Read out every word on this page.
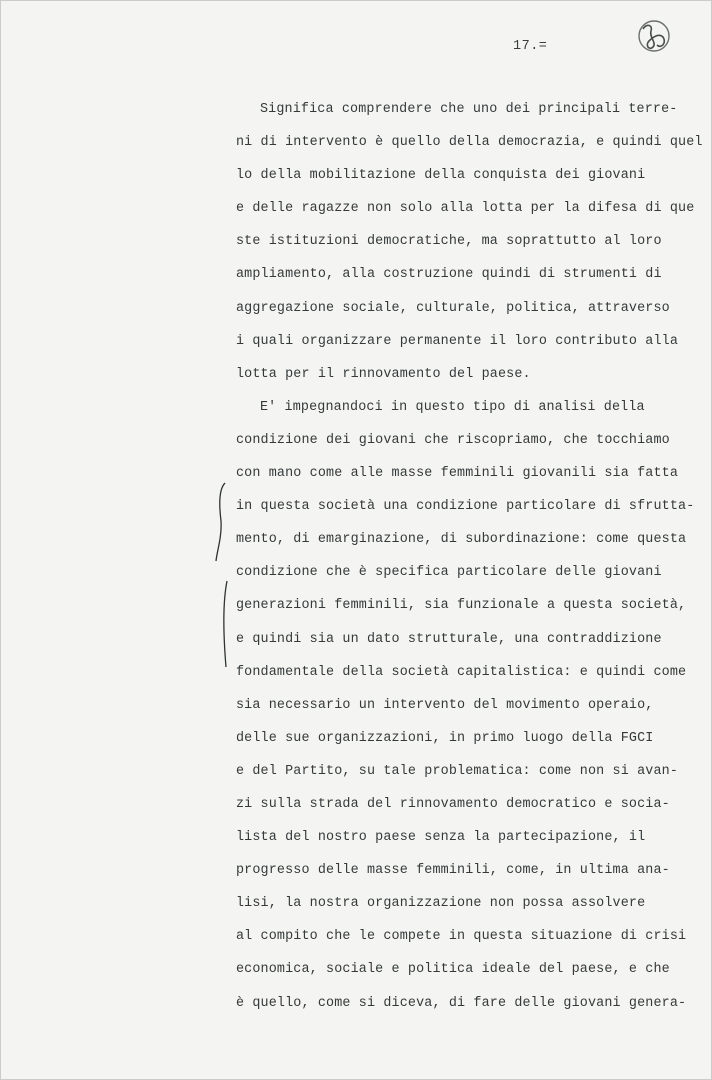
17.=
Significa comprendere che uno dei principali terre-
ni di intervento è quello della democrazia, e quindi quel
lo della mobilitazione della conquista dei giovani
e delle ragazze non solo alla lotta per la difesa di que
ste istituzioni democratiche, ma soprattutto al loro
ampliamento, alla costruzione quindi di strumenti di
aggregazione sociale, culturale, politica, attraverso
i quali organizzare permanente il loro contributo alla
lotta per il rinnovamento del paese.
E' impegnandoci in questo tipo di analisi della
condizione dei giovani che riscopriamo, che tocchiamo
con mano come alle masse femminili giovanili sia fatta
in questa società una condizione particolare di sfrutta-
mento, di emarginazione, di subordinazione: come questa
condizione che è specifica particolare delle giovani
generazioni femminili, sia funzionale a questa società,
e quindi sia un dato strutturale, una contraddizione
fondamentale della società capitalistica: e quindi come
sia necessario un intervento del movimento operaio,
delle sue organizzazioni, in primo luogo della FGCI
e del Partito, su tale problematica: come non si avan-
zi sulla strada del rinnovamento democratico e socia-
lista del nostro paese senza la partecipazione, il
progresso delle masse femminili, come, in ultima ana-
lisi, la nostra organizzazione non possa assolvere
al compito che le compete in questa situazione di crisi
economica, sociale e politica ideale del paese, e che
è quello, come si diceva, di fare delle giovani genera-
